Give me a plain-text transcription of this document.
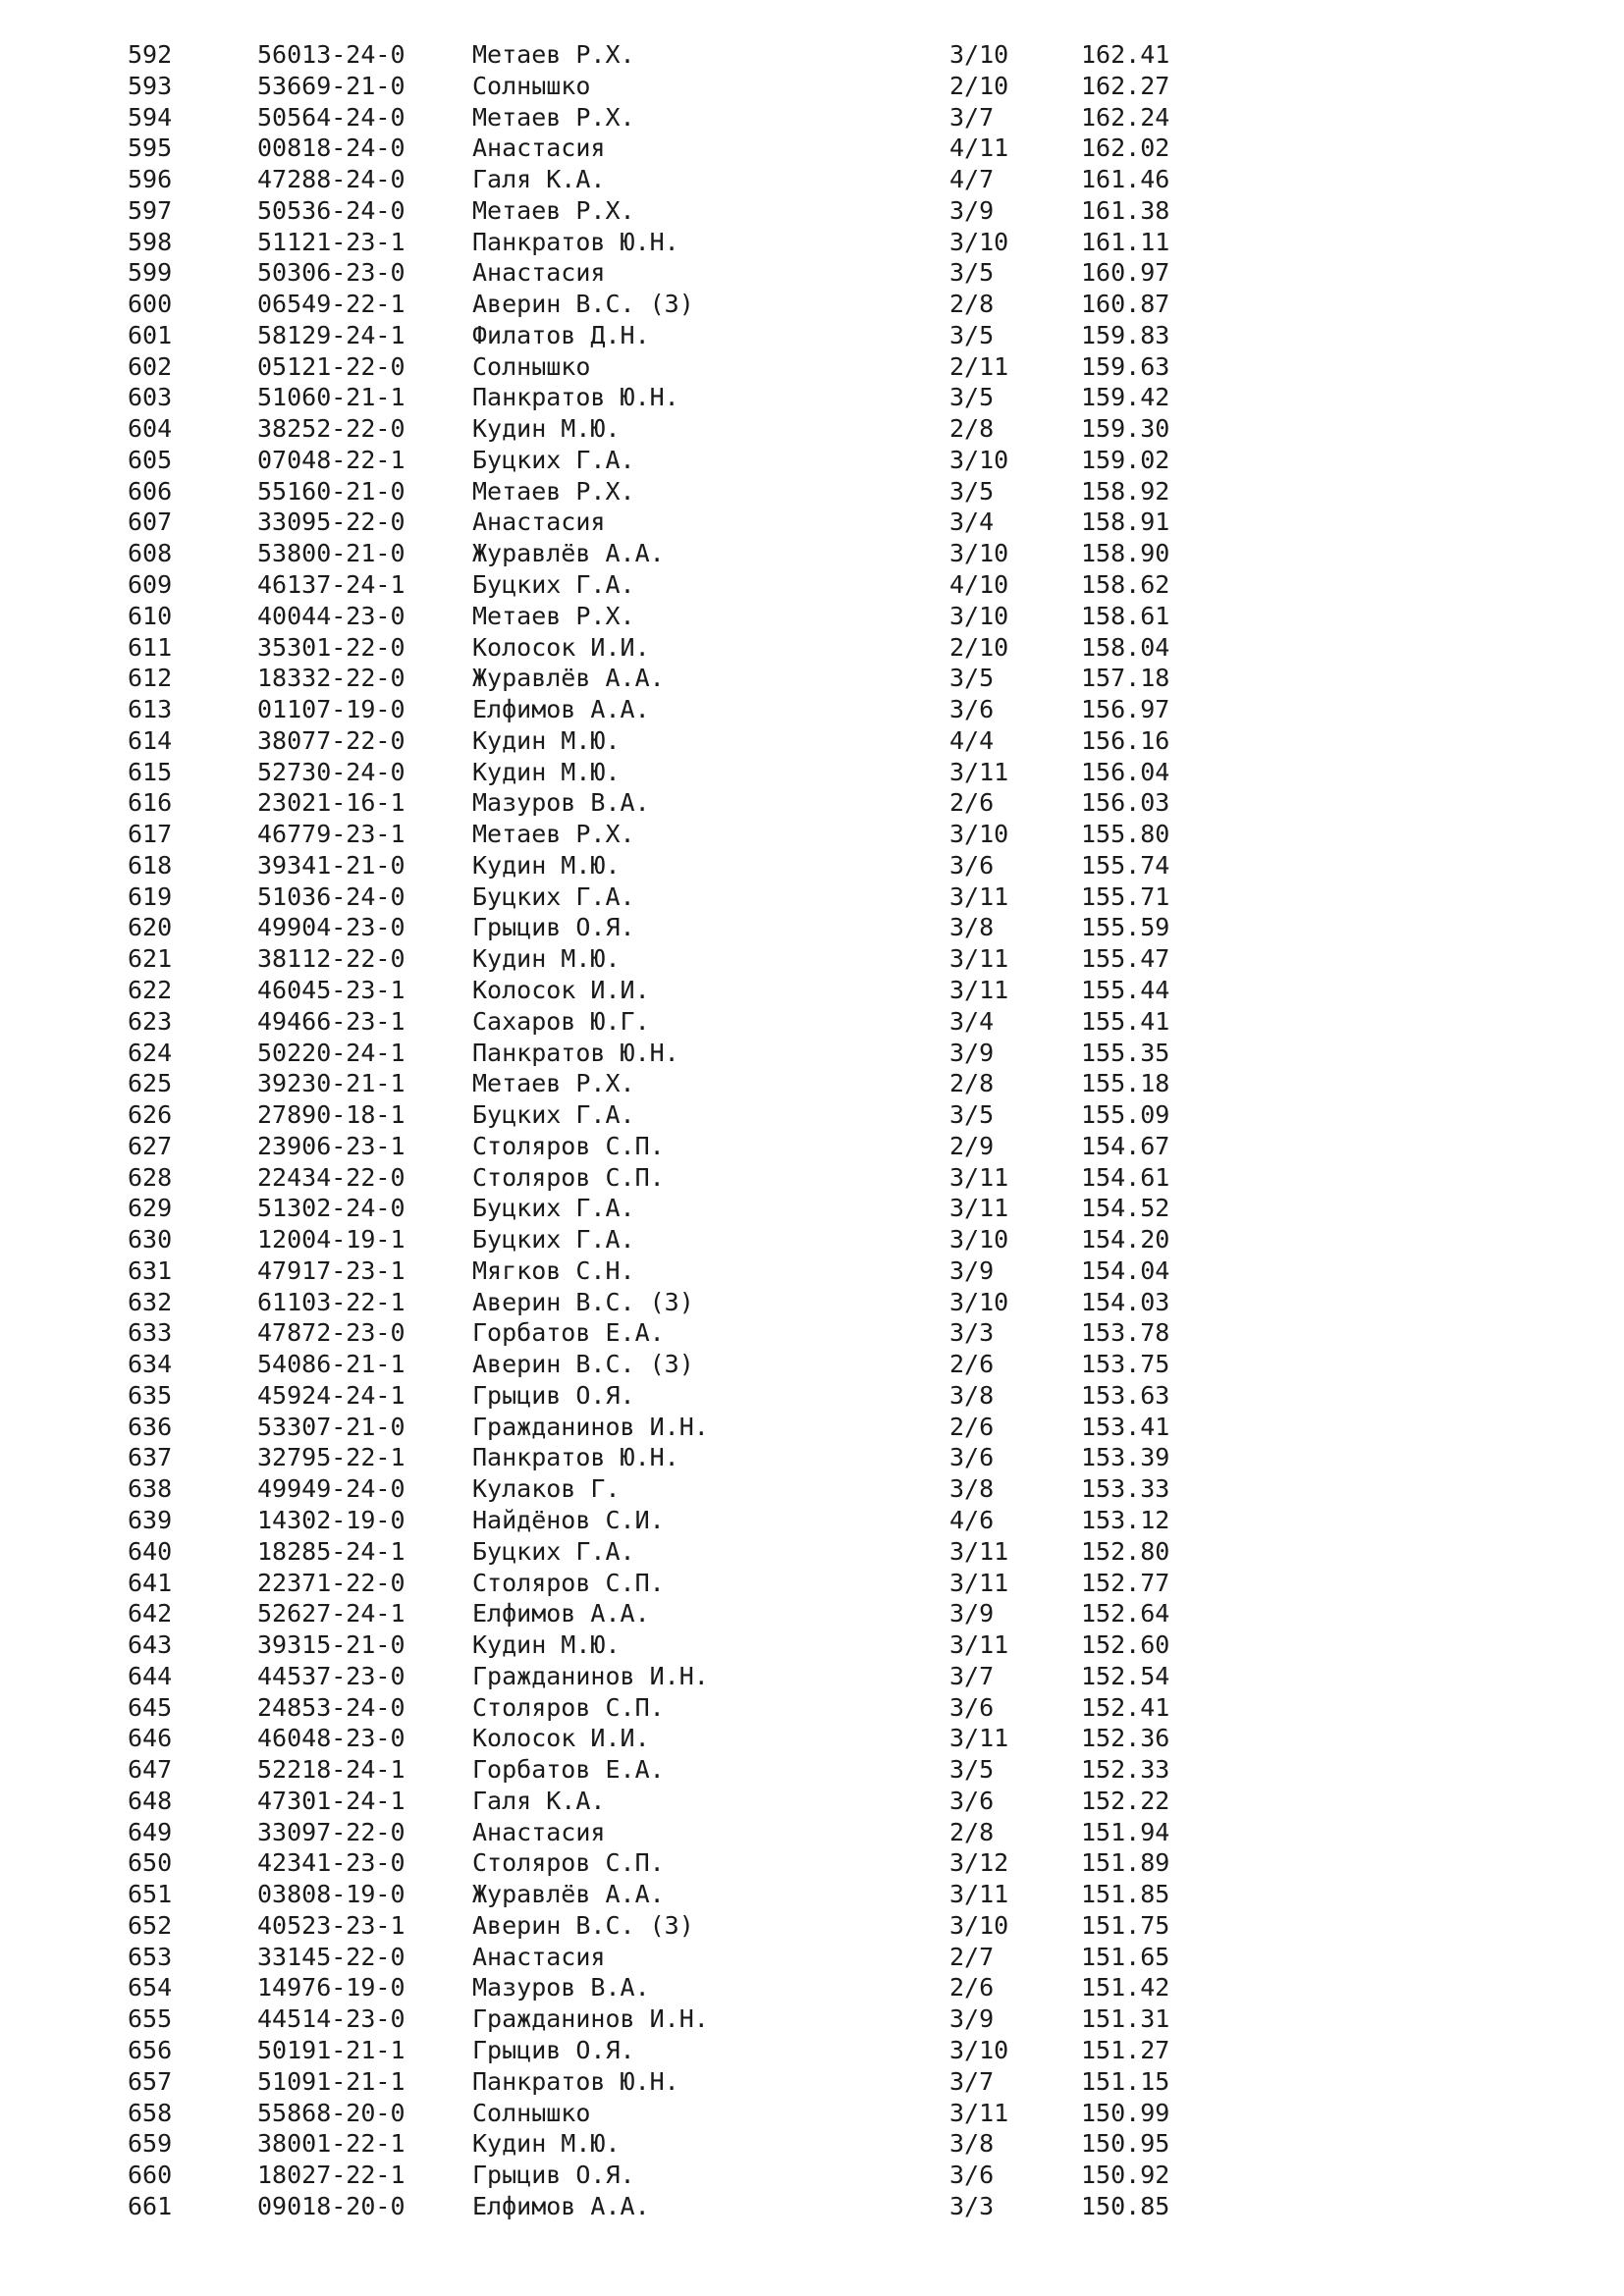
592	56013-24-0	Метаев Р.Х.	3/10	162.41
593	53669-21-0	Солнышко	2/10	162.27
594	50564-24-0	Метаев Р.Х.	3/7	162.24
595	00818-24-0	Анастасия	4/11	162.02
596	47288-24-0	Галя К.А.	4/7	161.46
597	50536-24-0	Метаев Р.Х.	3/9	161.38
598	51121-23-1	Панкратов Ю.Н.	3/10	161.11
599	50306-23-0	Анастасия	3/5	160.97
600	06549-22-1	Аверин В.С. (З)	2/8	160.87
601	58129-24-1	Филатов Д.Н.	3/5	159.83
602	05121-22-0	Солнышко	2/11	159.63
603	51060-21-1	Панкратов Ю.Н.	3/5	159.42
604	38252-22-0	Кудин М.Ю.	2/8	159.30
605	07048-22-1	Буцких Г.А.	3/10	159.02
606	55160-21-0	Метаев Р.Х.	3/5	158.92
607	33095-22-0	Анастасия	3/4	158.91
608	53800-21-0	Журавлёв А.А.	3/10	158.90
609	46137-24-1	Буцких Г.А.	4/10	158.62
610	40044-23-0	Метаев Р.Х.	3/10	158.61
611	35301-22-0	Колосок И.И.	2/10	158.04
612	18332-22-0	Журавлёв А.А.	3/5	157.18
613	01107-19-0	Елфимов А.А.	3/6	156.97
614	38077-22-0	Кудин М.Ю.	4/4	156.16
615	52730-24-0	Кудин М.Ю.	3/11	156.04
616	23021-16-1	Мазуров В.А.	2/6	156.03
617	46779-23-1	Метаев Р.Х.	3/10	155.80
618	39341-21-0	Кудин М.Ю.	3/6	155.74
619	51036-24-0	Буцких Г.А.	3/11	155.71
620	49904-23-0	Грыцив О.Я.	3/8	155.59
621	38112-22-0	Кудин М.Ю.	3/11	155.47
622	46045-23-1	Колосок И.И.	3/11	155.44
623	49466-23-1	Сахаров Ю.Г.	3/4	155.41
624	50220-24-1	Панкратов Ю.Н.	3/9	155.35
625	39230-21-1	Метаев Р.Х.	2/8	155.18
626	27890-18-1	Буцких Г.А.	3/5	155.09
627	23906-23-1	Столяров С.П.	2/9	154.67
628	22434-22-0	Столяров С.П.	3/11	154.61
629	51302-24-0	Буцких Г.А.	3/11	154.52
630	12004-19-1	Буцких Г.А.	3/10	154.20
631	47917-23-1	Мягков С.Н.	3/9	154.04
632	61103-22-1	Аверин В.С. (З)	3/10	154.03
633	47872-23-0	Горбатов Е.А.	3/3	153.78
634	54086-21-1	Аверин В.С. (З)	2/6	153.75
635	45924-24-1	Грыцив О.Я.	3/8	153.63
636	53307-21-0	Гражданинов И.Н.	2/6	153.41
637	32795-22-1	Панкратов Ю.Н.	3/6	153.39
638	49949-24-0	Кулаков Г.	3/8	153.33
639	14302-19-0	Найдёнов С.И.	4/6	153.12
640	18285-24-1	Буцких Г.А.	3/11	152.80
641	22371-22-0	Столяров С.П.	3/11	152.77
642	52627-24-1	Елфимов А.А.	3/9	152.64
643	39315-21-0	Кудин М.Ю.	3/11	152.60
644	44537-23-0	Гражданинов И.Н.	3/7	152.54
645	24853-24-0	Столяров С.П.	3/6	152.41
646	46048-23-0	Колосок И.И.	3/11	152.36
647	52218-24-1	Горбатов Е.А.	3/5	152.33
648	47301-24-1	Галя К.А.	3/6	152.22
649	33097-22-0	Анастасия	2/8	151.94
650	42341-23-0	Столяров С.П.	3/12	151.89
651	03808-19-0	Журавлёв А.А.	3/11	151.85
652	40523-23-1	Аверин В.С. (З)	3/10	151.75
653	33145-22-0	Анастасия	2/7	151.65
654	14976-19-0	Мазуров В.А.	2/6	151.42
655	44514-23-0	Гражданинов И.Н.	3/9	151.31
656	50191-21-1	Грыцив О.Я.	3/10	151.27
657	51091-21-1	Панкратов Ю.Н.	3/7	151.15
658	55868-20-0	Солнышко	3/11	150.99
659	38001-22-1	Кудин М.Ю.	3/8	150.95
660	18027-22-1	Грыцив О.Я.	3/6	150.92
661	09018-20-0	Елфимов А.А.	3/3	150.85
